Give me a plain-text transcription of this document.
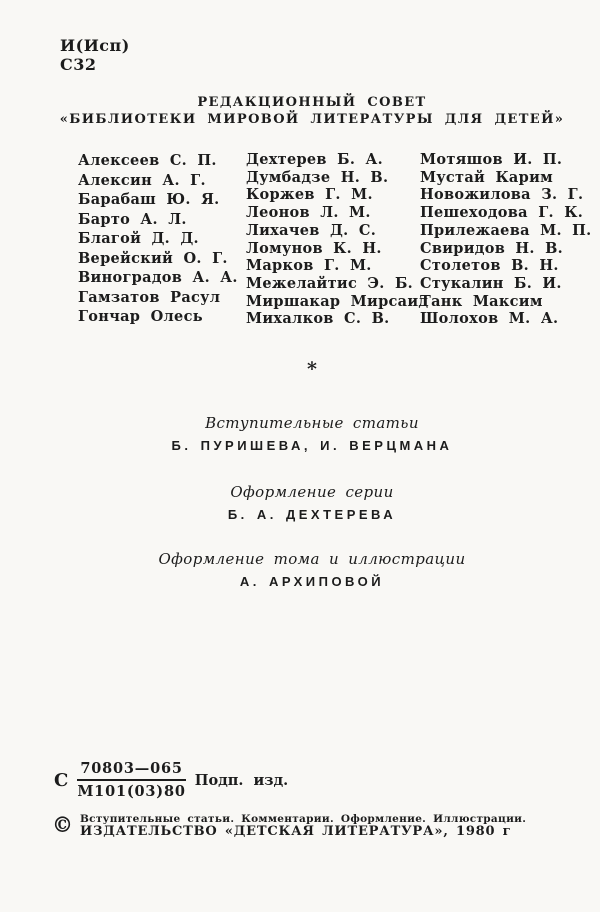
И(Исп)
С32
РЕДАКЦИОННЫЙ СОВЕТ
«БИБЛИОТЕКИ МИРОВОЙ ЛИТЕРАТУРЫ ДЛЯ ДЕТЕЙ»
Алексеев С. П.
Алексин А. Г.
Барабаш Ю. Я.
Барто А. Л.
Благой Д. Д.
Верейский О. Г.
Виноградов А. А.
Гамзатов Расул
Гончар Олесь
Дехтерев Б. А.
Думбадзе Н. В.
Коржев Г. М.
Леонов Л. М.
Лихачев Д. С.
Ломунов К. Н.
Марков Г. М.
Межелайтис Э. Б.
Миршакар Мирсаид
Михалков С. В.
Мотяшов И. П.
Мустай Карим
Новожилова З. Г.
Пешеходова Г. К.
Прилежаева М. П.
Свиридов Н. В.
Столетов В. Н.
Стукалин Б. И.
Танк Максим
Шолохов М. А.
*
Вступительные статьи
Б. ПУРИШЕВА, И. ВЕРЦМАНА
Оформление серии
Б. А. ДЕХТЕРЕВА
Оформление тома и иллюстрации
А. АРХИПОВОЙ
С $\frac{70803—065}{М101(03)80}$ Подп. изд.
© Вступительные статьи. Комментарии. Оформление. Иллюстрации.
ИЗДАТЕЛЬСТВО «ДЕТСКАЯ ЛИТЕРАТУРА», 1980 г
